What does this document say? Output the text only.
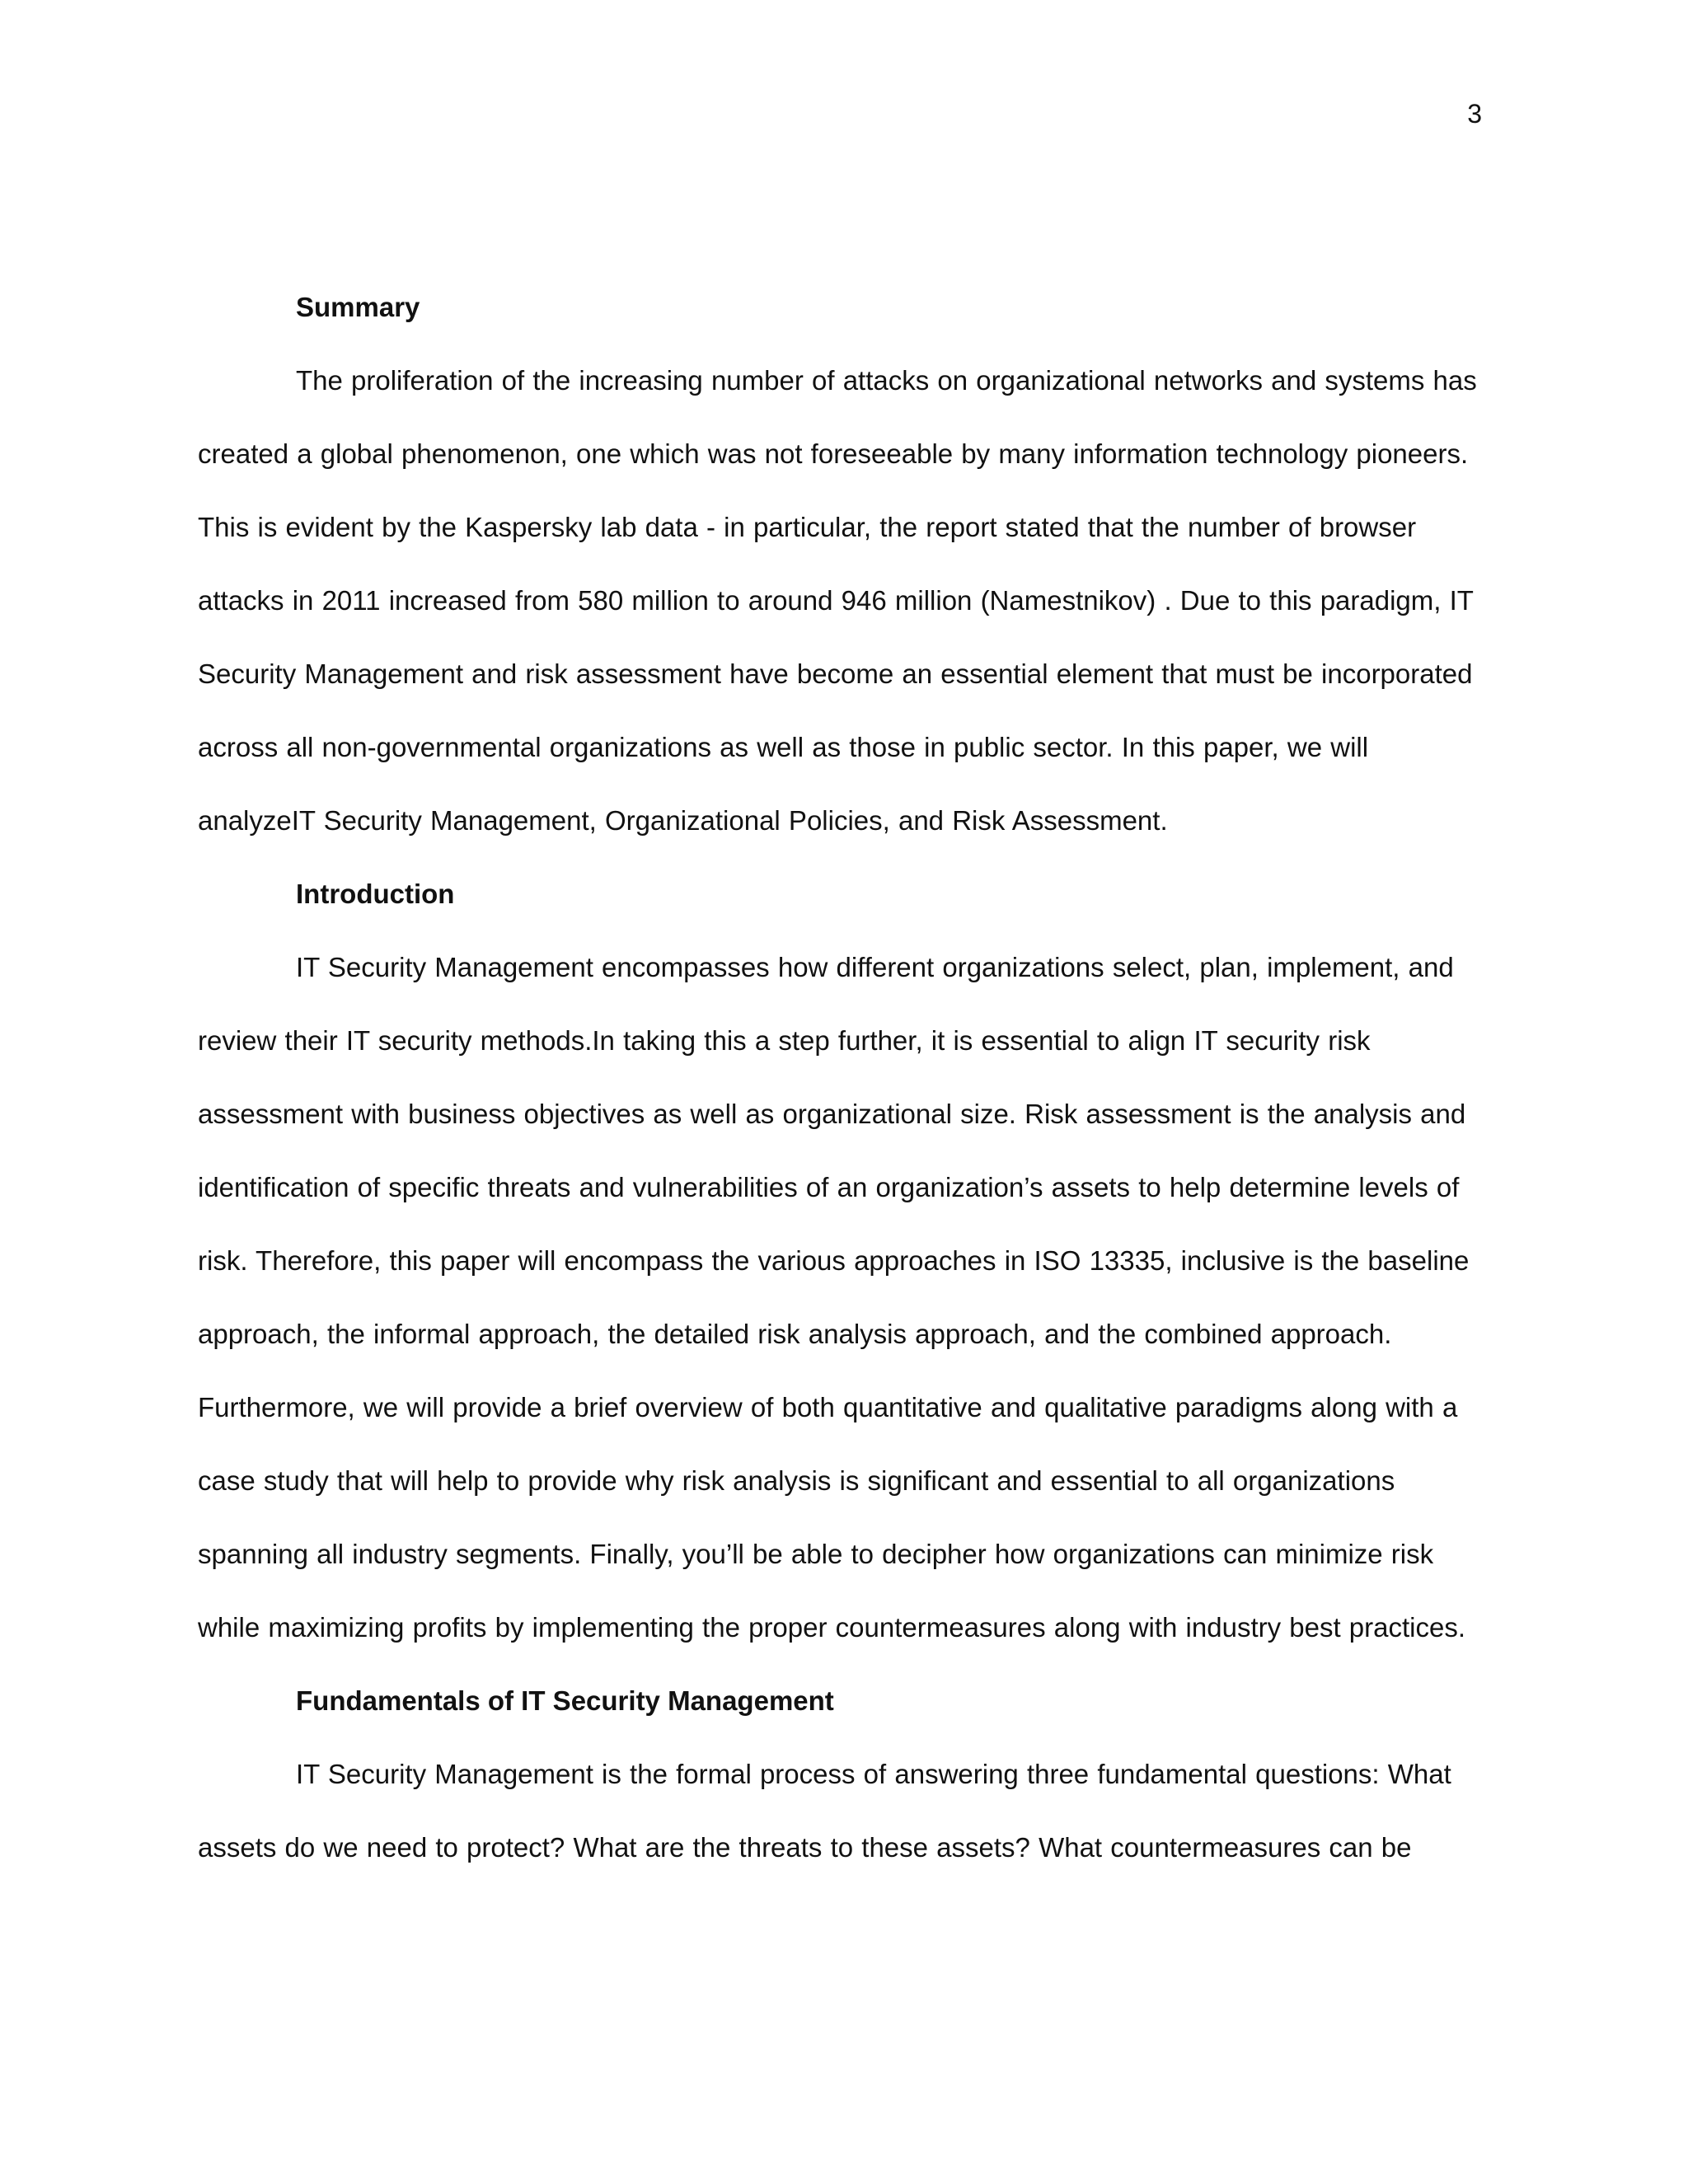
3
Summary

The proliferation of the increasing number of attacks on organizational networks and systems has created a global phenomenon, one which was not foreseeable by many information technology pioneers. This is evident by the Kaspersky lab data - in particular, the report stated that the number of browser attacks in 2011 increased from 580 million to around 946 million (Namestnikov) . Due to this paradigm, IT Security Management and risk assessment have become an essential element that must be incorporated across all non-governmental organizations as well as those in public sector. In this paper, we will analyzeIT Security Management, Organizational Policies, and Risk Assessment.

Introduction

IT Security Management encompasses how different organizations select, plan, implement, and review their IT security methods.In taking this a step further, it is essential to align IT security risk assessment with business objectives as well as organizational size. Risk assessment is the analysis and identification of specific threats and vulnerabilities of an organization’s assets to help determine levels of risk. Therefore, this paper will encompass the various approaches in ISO 13335, inclusive is the baseline approach, the informal approach, the detailed risk analysis approach, and the combined approach. Furthermore, we will provide a brief overview of both quantitative and qualitative paradigms along with a case study that will help to provide why risk analysis is significant and essential to all organizations spanning all industry segments. Finally, you’ll be able to decipher how organizations can minimize risk while maximizing profits by implementing the proper countermeasures along with industry best practices.

Fundamentals of IT Security Management

IT Security Management is the formal process of answering three fundamental questions: What assets do we need to protect? What are the threats to these assets? What countermeasures can be
